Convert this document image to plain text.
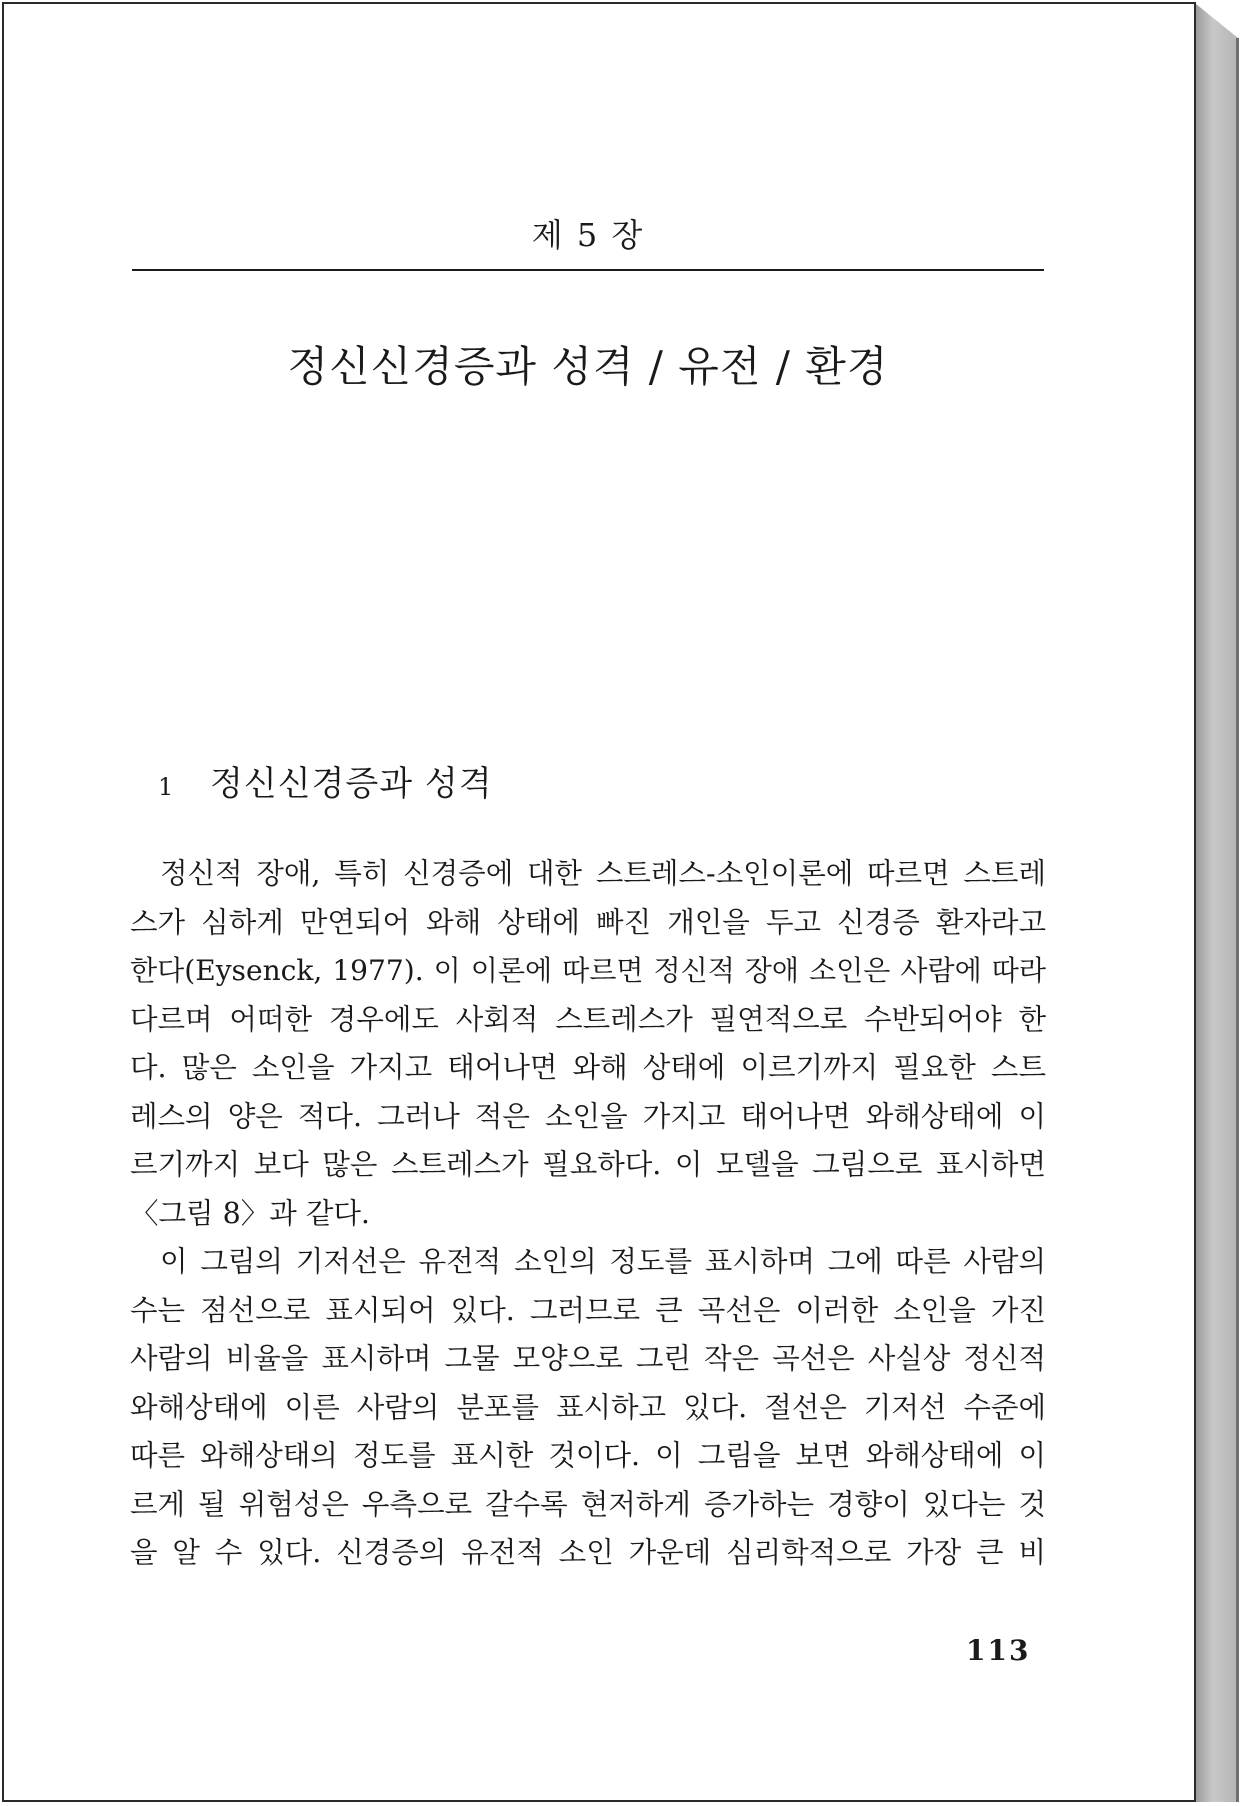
제 5 장
정신신경증과 성격 / 유전 / 환경
1 정신신경증과 성격
정신적 장애, 특히 신경증에 대한 스트레스-소인이론에 따르면 스트레
스가 심하게 만연되어 와해 상태에 빠진 개인을 두고 신경증 환자라고
한다(Eysenck, 1977). 이 이론에 따르면 정신적 장애 소인은 사람에 따라
다르며 어떠한 경우에도 사회적 스트레스가 필연적으로 수반되어야 한
다. 많은 소인을 가지고 태어나면 와해 상태에 이르기까지 필요한 스트
레스의 양은 적다. 그러나 적은 소인을 가지고 태어나면 와해상태에 이
르기까지 보다 많은 스트레스가 필요하다. 이 모델을 그림으로 표시하면
〈그림 8〉과 같다.
이 그림의 기저선은 유전적 소인의 정도를 표시하며 그에 따른 사람의
수는 점선으로 표시되어 있다. 그러므로 큰 곡선은 이러한 소인을 가진
사람의 비율을 표시하며 그물 모양으로 그린 작은 곡선은 사실상 정신적
와해상태에 이른 사람의 분포를 표시하고 있다. 절선은 기저선 수준에
따른 와해상태의 정도를 표시한 것이다. 이 그림을 보면 와해상태에 이
르게 될 위험성은 우측으로 갈수록 현저하게 증가하는 경향이 있다는 것
을 알 수 있다. 신경증의 유전적 소인 가운데 심리학적으로 가장 큰 비
113
